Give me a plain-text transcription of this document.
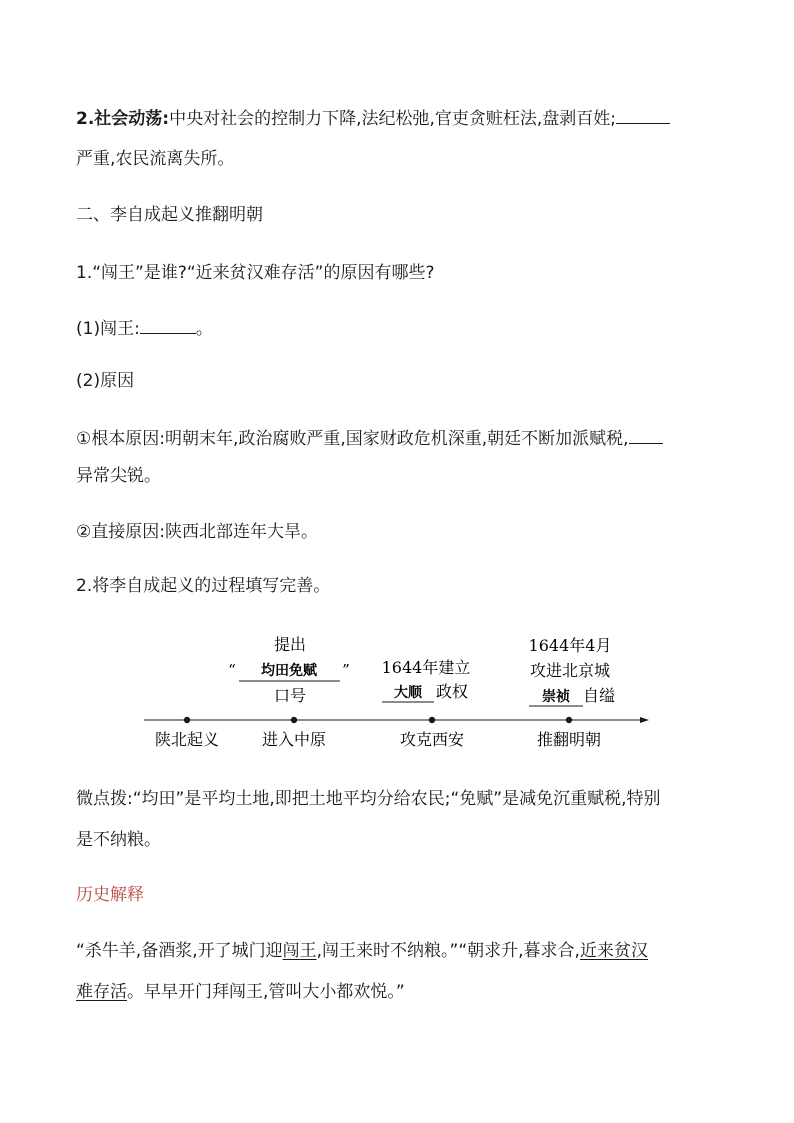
2.社会动荡:中央对社会的控制力下降,法纪松弛,官吏贪赃枉法,盘剥百姓;
严重,农民流离失所。
二、李自成起义推翻明朝
1.“闯王”是谁?“近来贫汉难存活”的原因有哪些?
(1)闯王:	。
(2)原因
①根本原因:明朝末年,政治腐败严重,国家财政危机深重,朝廷不断加派赋税,
异常尖锐。
②直接原因:陕西北部连年大旱。
2.将李自成起义的过程填写完善。
陕北起义	进入中原	攻克西安	推翻明朝
提出
“ 均田免赋 ”
口号
1644年建立
大顺 政权
1644年4月
攻进北京城
崇祯 自缢
微点拨:“均田”是平均土地,即把土地平均分给农民;“免赋”是减免沉重赋税,特别
是不纳粮。
历史解释
“杀牛羊,备酒浆,开了城门迎闯王,闯王来时不纳粮。”“朝求升,暮求合,近来贫汉
难存活。早早开门拜闯王,管叫大小都欢悦。”
